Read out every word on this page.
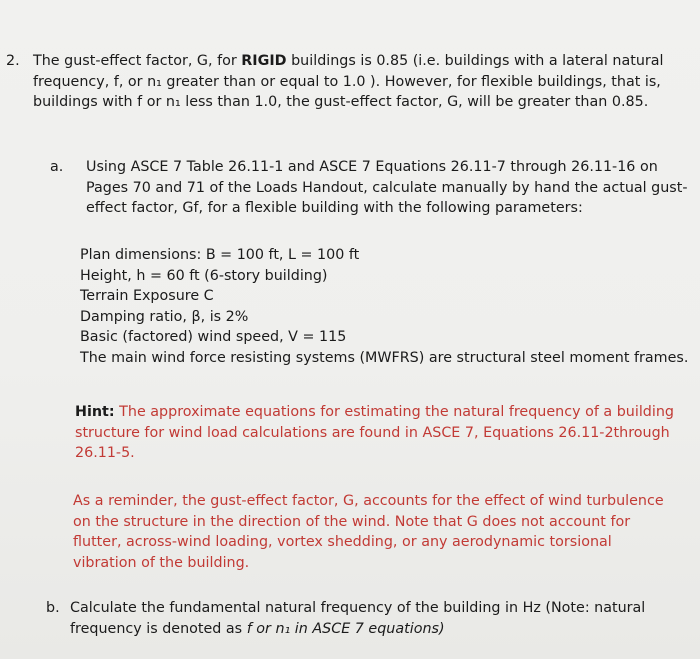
2. The gust-effect factor, G, for RIGID buildings is 0.85 (i.e. buildings with a lateral natural frequency, f, or n₁ greater than or equal to 1.0 ). However, for flexible buildings, that is, buildings with f or n₁ less than 1.0, the gust-effect factor, G, will be greater than 0.85.

a. Using ASCE 7 Table 26.11-1 and ASCE 7 Equations 26.11-7 through 26.11-16 on Pages 70 and 71 of the Loads Handout, calculate manually by hand the actual gust-effect factor, Gf, for a flexible building with the following parameters:

Plan dimensions: B = 100 ft, L = 100 ft
Height, h = 60 ft (6-story building)
Terrain Exposure C
Damping ratio, β, is 2%
Basic (factored) wind speed, V = 115
The main wind force resisting systems (MWFRS) are structural steel moment frames.

Hint: The approximate equations for estimating the natural frequency of a building structure for wind load calculations are found in ASCE 7, Equations 26.11-2through 26.11-5.

As a reminder, the gust-effect factor, G, accounts for the effect of wind turbulence on the structure in the direction of the wind. Note that G does not account for flutter, across-wind loading, vortex shedding, or any aerodynamic torsional vibration of the building.

b. Calculate the fundamental natural frequency of the building in Hz (Note: natural frequency is denoted as f or n₁ in ASCE 7 equations)
